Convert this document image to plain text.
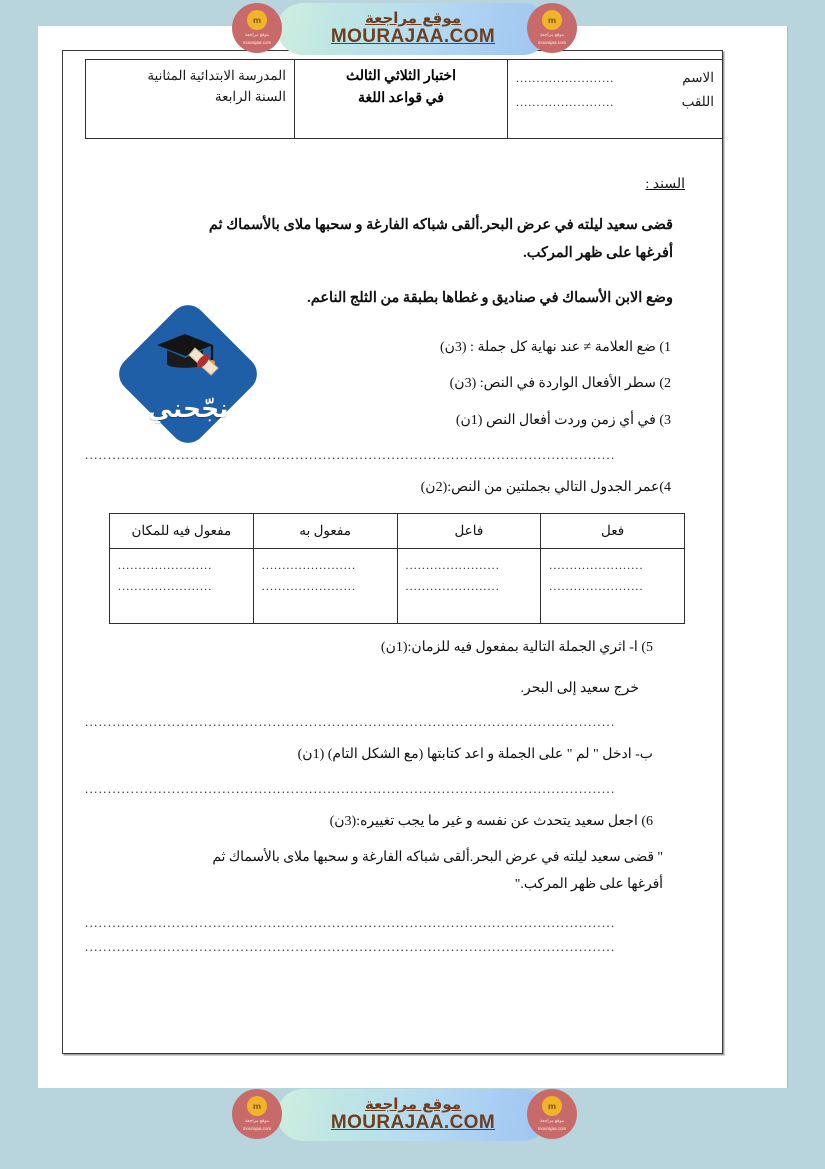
m
موقع مراجعة
mourajaa.com
موقع مراجعة
MOURAJAA.COM
m
موقع مراجعة
mourajaa.com
الاسم
........................
اللقب
........................

اختبار الثلاثي الثالث
في قواعد اللغة

المدرسة الابتدائية المثانية
السنة الرابعة
نجّحني
السند :
قضى سعيد ليلته في عرض البحر.ألقى شباكه الفارغة و سحبها ملاى بالأسماك ثم
أفرغها على ظهر المركب.
وضع الابن الأسماك في صناديق و غطاها بطبقة من الثلج الناعم.
1) ضع العلامة ≠ عند نهاية كل جملة : (3ن)
2) سطر الأفعال الواردة في النص: (3ن)
3) في أي زمن وردت أفعال النص (1ن)
....................................................................................................................
4)عمر الجدول التالي بجملتين من النص:(2ن)
فعل	فاعل	مفعول به	مفعول فيه للمكان

.......................
.......................

.......................
.......................

.......................
.......................

.......................
.......................
5) ا- اثري الجملة التالية بمفعول فيه للزمان:(1ن)
خرج سعيد إلى البحر.
....................................................................................................................
ب- ادخل " لم " على الجملة و اعد كتابتها (مع الشكل التام) (1ن)
....................................................................................................................
6) اجعل سعيد يتحدث عن نفسه و غير ما يجب تغييره:(3ن)
" قضى سعيد ليلته في عرض البحر.ألقى شباكه الفارغة و سحبها ملاى بالأسماك ثم
أفرغها على ظهر المركب."
....................................................................................................................
....................................................................................................................
m
موقع مراجعة
mourajaa.com
موقع مراجعة
MOURAJAA.COM
m
موقع مراجعة
mourajaa.com
